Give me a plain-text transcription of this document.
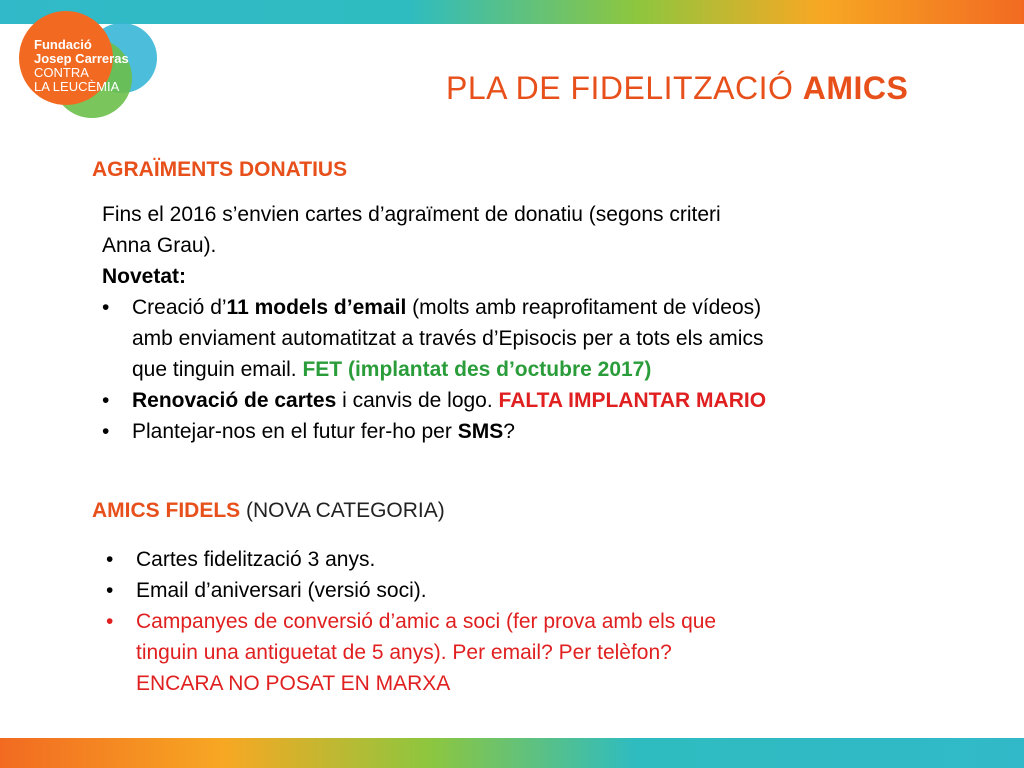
Fundació
Josep Carreras
CONTRA
LA LEUCÈMIA	PLA DE FIDELITZACIÓ AMICS
AGRAÏMENTS DONATIUS
Fins el 2016 s’envien cartes d’agraïment de donatiu (segons criteri
Anna Grau).
Novetat:
• Creació d’11 models d’email (molts amb reaprofitament de vídeos)
amb enviament automatitzat a través d’Episocis per a tots els amics
que tinguin email. FET (implantat des d’octubre 2017)
• Renovació de cartes i canvis de logo. FALTA IMPLANTAR MARIO
• Plantejar-nos en el futur fer-ho per SMS?
AMICS FIDELS (NOVA CATEGORIA)
• Cartes fidelització 3 anys.
• Email d’aniversari (versió soci).
• Campanyes de conversió d’amic a soci (fer prova amb els que
tinguin una antiguetat de 5 anys). Per email? Per telèfon?
ENCARA NO POSAT EN MARXA
